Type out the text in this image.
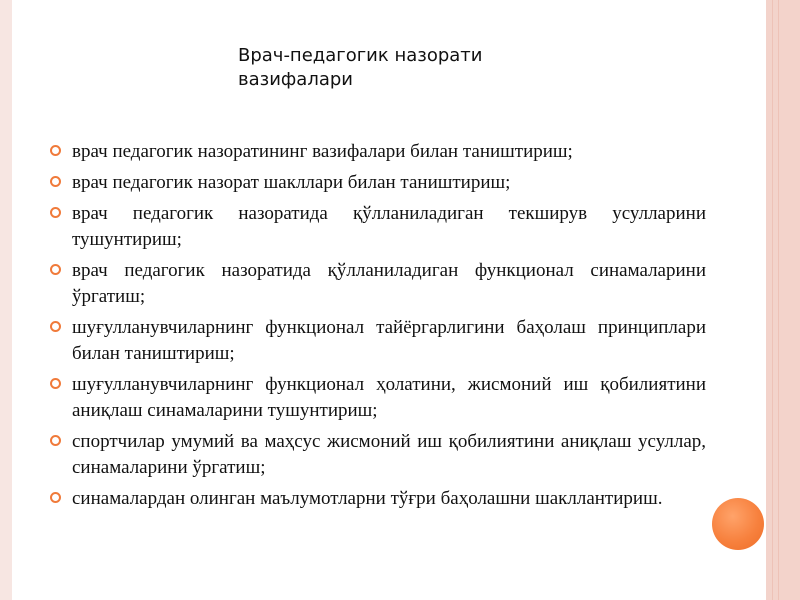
Врач-педагогик назорати вазифалари
врач педагогик назоратининг вазифалари билан таништириш;
врач педагогик назорат шакллари билан таништириш;
врач педагогик назоратида қўлланиладиган текширув усулларини тушунтириш;
врач педагогик назоратида қўлланиладиган функционал синамаларини ўргатиш;
шуғулланувчиларнинг функционал тайёргарлигини баҳолаш принциплари билан таништириш;
шуғулланувчиларнинг функционал ҳолатини, жисмоний иш қобилиятини аниқлаш синамаларини тушунтириш;
спортчилар умумий ва маҳсус жисмоний иш қобилиятини аниқлаш усуллар, синамаларини ўргатиш;
синамалардан олинган маълумотларни тўғри баҳолашни шакллантириш.
